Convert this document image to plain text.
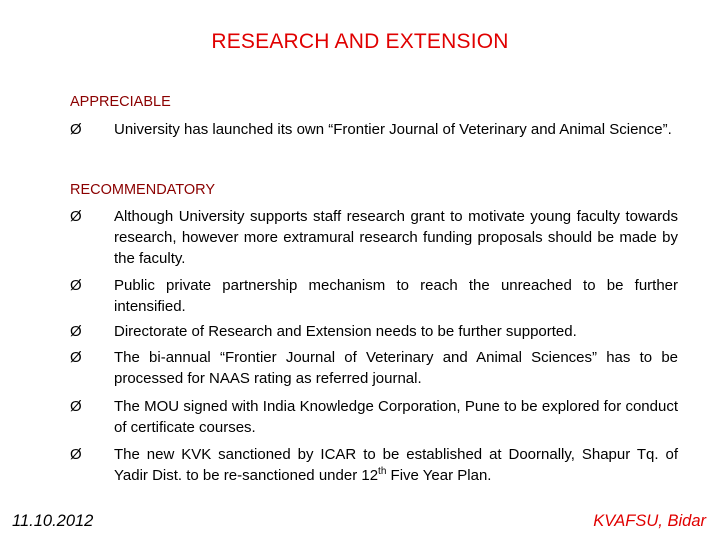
RESEARCH AND EXTENSION
APPRECIABLE
Ø	University has launched its own “Frontier Journal of Veterinary and Animal Science”.
RECOMMENDATORY
Ø	Although University supports staff research grant to motivate young faculty towards research, however more extramural research funding proposals should be made by the faculty.
Ø	Public private partnership mechanism to reach the unreached to be further intensified.
Ø	Directorate of Research and Extension needs to be further supported.
Ø	The bi-annual “Frontier Journal of Veterinary and Animal Sciences” has to be processed for NAAS rating as referred journal.
Ø	The MOU signed with India Knowledge Corporation, Pune to be explored for conduct of certificate courses.
Ø	The new KVK sanctioned by ICAR to be established at Doornally, Shapur Tq. of Yadir Dist. to be re-sanctioned under 12th Five Year Plan.
11.10.2012	KVAFSU, Bidar
